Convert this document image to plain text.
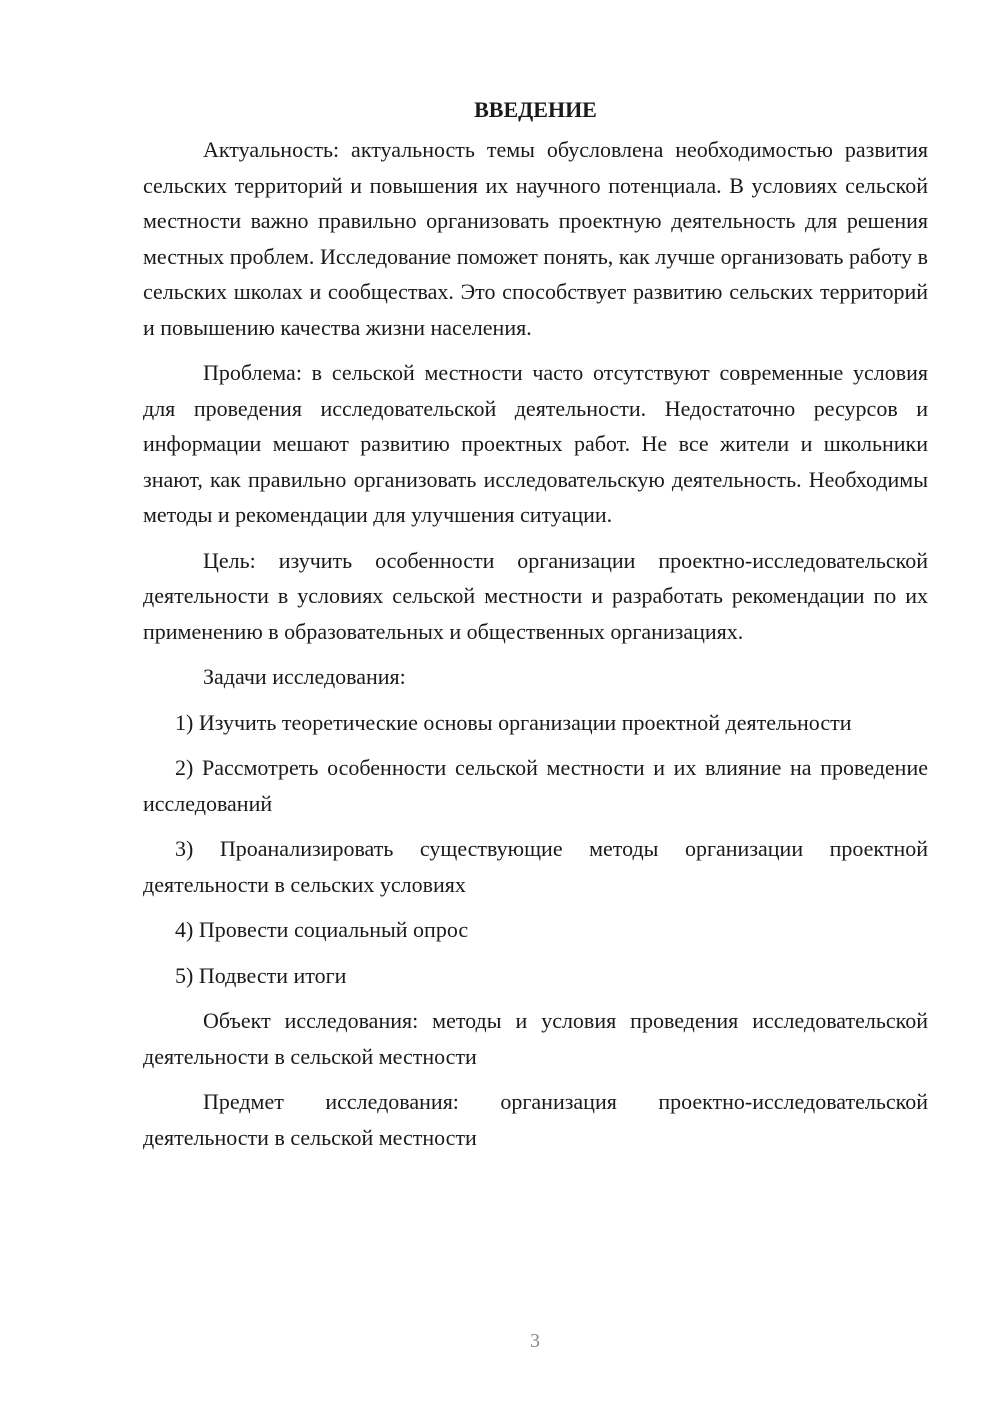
ВВЕДЕНИЕ

Актуальность: актуальность темы обусловлена необходимостью развития сельских территорий и повышения их научного потенциала. В условиях сельской местности важно правильно организовать проектную деятельность для решения местных проблем. Исследование поможет понять, как лучше организовать работу в сельских школах и сообществах. Это способствует развитию сельских территорий и повышению качества жизни населения.

Проблема: в сельской местности часто отсутствуют современные условия для проведения исследовательской деятельности. Недостаточно ресурсов и информации мешают развитию проектных работ. Не все жители и школьники знают, как правильно организовать исследовательскую деятельность. Необходимы методы и рекомендации для улучшения ситуации.

Цель: изучить особенности организации проектно-исследовательской деятельности в условиях сельской местности и разработать рекомендации по их применению в образовательных и общественных организациях.

Задачи исследования:

1) Изучить теоретические основы организации проектной деятельности

2) Рассмотреть особенности сельской местности и их влияние на проведение исследований

3) Проанализировать существующие методы организации проектной деятельности в сельских условиях

4) Провести социальный опрос

5) Подвести итоги

Объект исследования: методы и условия проведения исследовательской деятельности в сельской местности

Предмет исследования: организация проектно-исследовательской деятельности в сельской местности

3
